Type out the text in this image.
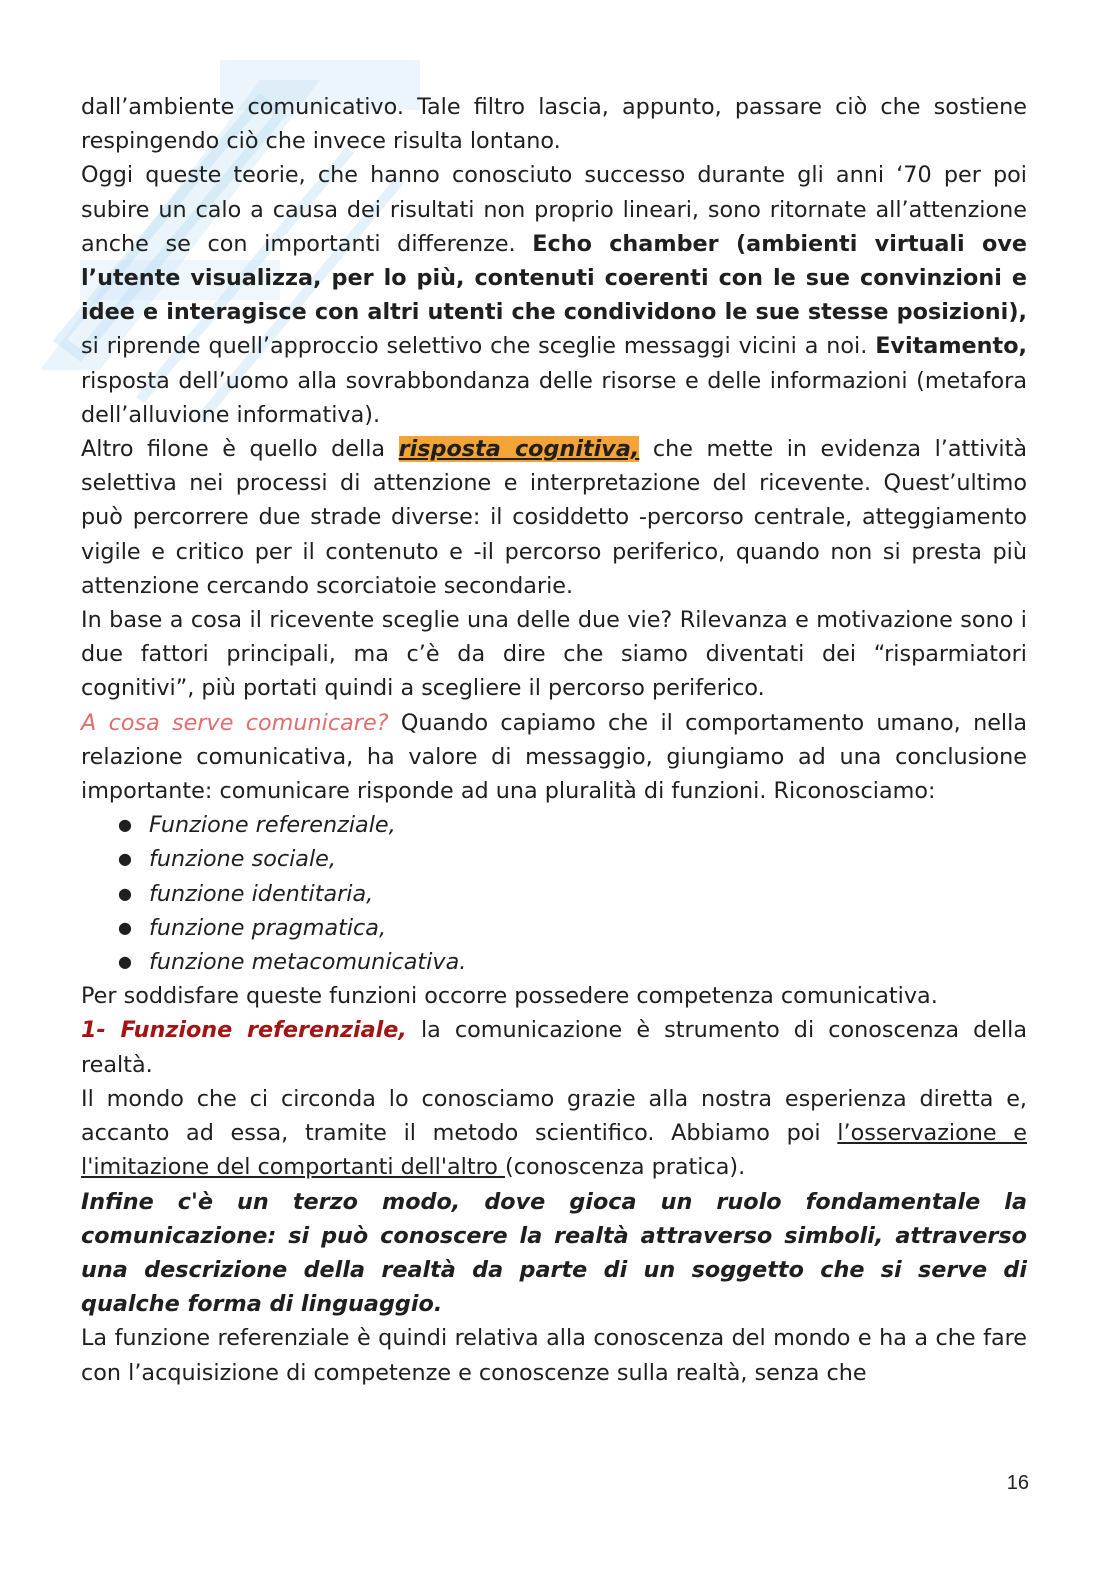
dall’ambiente comunicativo. Tale filtro lascia, appunto, passare ciò che sostiene respingendo ciò che invece risulta lontano.

Oggi queste teorie, che hanno conosciuto successo durante gli anni ‘70 per poi subire un calo a causa dei risultati non proprio lineari, sono ritornate all’attenzione anche se con importanti differenze. Echo chamber (ambienti virtuali ove l’utente visualizza, per lo più, contenuti coerenti con le sue convinzioni e idee e interagisce con altri utenti che condividono le sue stesse posizioni), si riprende quell’approccio selettivo che sceglie messaggi vicini a noi. Evitamento, risposta dell’uomo alla sovrabbondanza delle risorse e delle informazioni (metafora dell’alluvione informativa).

Altro filone è quello della risposta cognitiva, che mette in evidenza l’attività selettiva nei processi di attenzione e interpretazione del ricevente. Quest’ultimo può percorrere due strade diverse: il cosiddetto -percorso centrale, atteggiamento vigile e critico per il contenuto e -il percorso periferico, quando non si presta più attenzione cercando scorciatoie secondarie.

In base a cosa il ricevente sceglie una delle due vie? Rilevanza e motivazione sono i due fattori principali, ma c’è da dire che siamo diventati dei “risparmiatori cognitivi”, più portati quindi a scegliere il percorso periferico.

A cosa serve comunicare? Quando capiamo che il comportamento umano, nella relazione comunicativa, ha valore di messaggio, giungiamo ad una conclusione importante: comunicare risponde ad una pluralità di funzioni. Riconosciamo:

● Funzione referenziale,
● funzione sociale,
● funzione identitaria,
● funzione pragmatica,
● funzione metacomunicativa.

Per soddisfare queste funzioni occorre possedere competenza comunicativa.

1- Funzione referenziale, la comunicazione è strumento di conoscenza della realtà.

Il mondo che ci circonda lo conosciamo grazie alla nostra esperienza diretta e, accanto ad essa, tramite il metodo scientifico. Abbiamo poi l’osservazione e l'imitazione del comportanti dell'altro (conoscenza pratica).

Infine c'è un terzo modo, dove gioca un ruolo fondamentale la comunicazione: si può conoscere la realtà attraverso simboli, attraverso una descrizione della realtà da parte di un soggetto che si serve di qualche forma di linguaggio.

La funzione referenziale è quindi relativa alla conoscenza del mondo e ha a che fare con l’acquisizione di competenze e conoscenze sulla realtà, senza che

16
